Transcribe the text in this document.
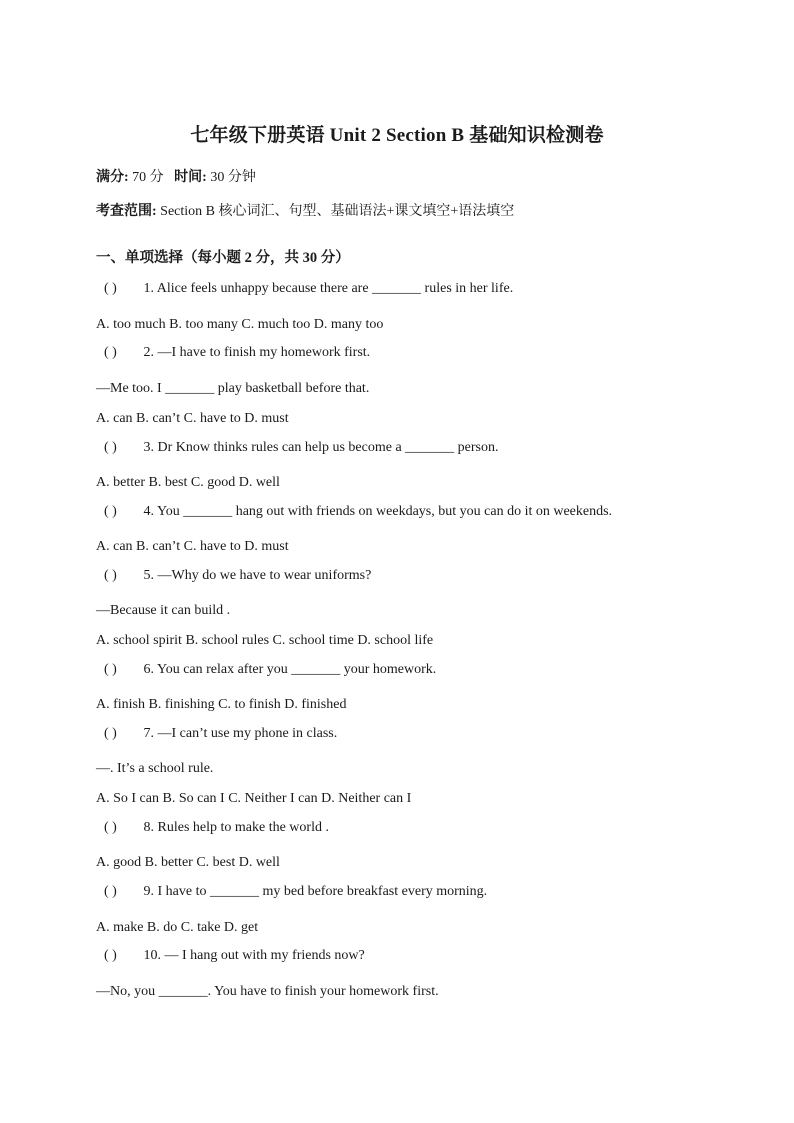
七年级下册英语 Unit 2 Section B 基础知识检测卷
满分: 70 分 时间: 30 分钟
考查范围: Section B 核心词汇、句型、基础语法+课文填空+语法填空
一、单项选择（每小题 2 分，共 30 分）
( ) 1. Alice feels unhappy because there are _______ rules in her life.
A. too much B. too many C. much too D. many too
( ) 2. —I have to finish my homework first.
—Me too. I _______ play basketball before that.
A. can B. can’t C. have to D. must
( ) 3. Dr Know thinks rules can help us become a _______ person.
A. better B. best C. good D. well
( ) 4. You _______ hang out with friends on weekdays, but you can do it on weekends.
A. can B. can’t C. have to D. must
( ) 5. —Why do we have to wear uniforms?
—Because it can build .
A. school spirit B. school rules C. school time D. school life
( ) 6. You can relax after you _______ your homework.
A. finish B. finishing C. to finish D. finished
( ) 7. —I can’t use my phone in class.
—. It’s a school rule.
A. So I can B. So can I C. Neither I can D. Neither can I
( ) 8. Rules help to make the world .
A. good B. better C. best D. well
( ) 9. I have to _______ my bed before breakfast every morning.
A. make B. do C. take D. get
( ) 10. — I hang out with my friends now?
—No, you _______. You have to finish your homework first.
